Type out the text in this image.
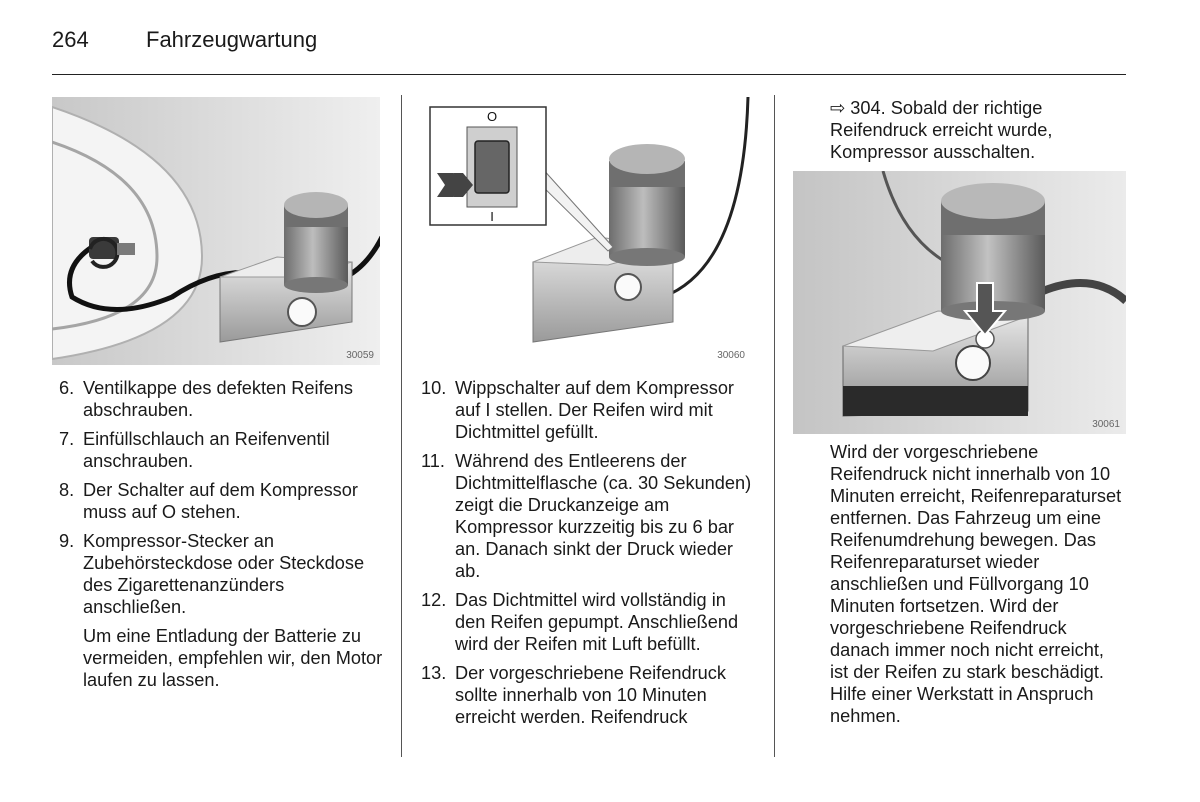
264	Fahrzeugwartung
30059
O
I
30060
30061
6. Ventilkappe des defekten Reifens abschrauben.
7. Einfüllschlauch an Reifenventil anschrauben.
8. Der Schalter auf dem Kompressor muss auf O stehen.
9. Kompressor-Stecker an Zubehörsteckdose oder Steckdose des Zigarettenanzünders anschließen.

Um eine Entladung der Batterie zu vermeiden, empfehlen wir, den Motor laufen zu lassen.

10. Wippschalter auf dem Kompressor auf I stellen. Der Reifen wird mit Dichtmittel gefüllt.
11. Während des Entleerens der Dichtmittelflasche (ca. 30 Sekunden) zeigt die Druckanzeige am Kompressor kurzzeitig bis zu 6 bar an. Danach sinkt der Druck wieder ab.
12. Das Dichtmittel wird vollständig in den Reifen gepumpt. Anschließend wird der Reifen mit Luft befüllt.
13. Der vorgeschriebene Reifendruck sollte innerhalb von 10 Minuten erreicht werden. Reifendruck

⇨ 304. Sobald der richtige Reifendruck erreicht wurde, Kompressor ausschalten.

Wird der vorgeschriebene Reifendruck nicht innerhalb von 10 Minuten erreicht, Reifenreparaturset entfernen. Das Fahrzeug um eine Reifenumdrehung bewegen. Das Reifenreparaturset wieder anschließen und Füllvorgang 10 Minuten fortsetzen. Wird der vorgeschriebene Reifendruck danach immer noch nicht erreicht, ist der Reifen zu stark beschädigt. Hilfe einer Werkstatt in Anspruch nehmen.
